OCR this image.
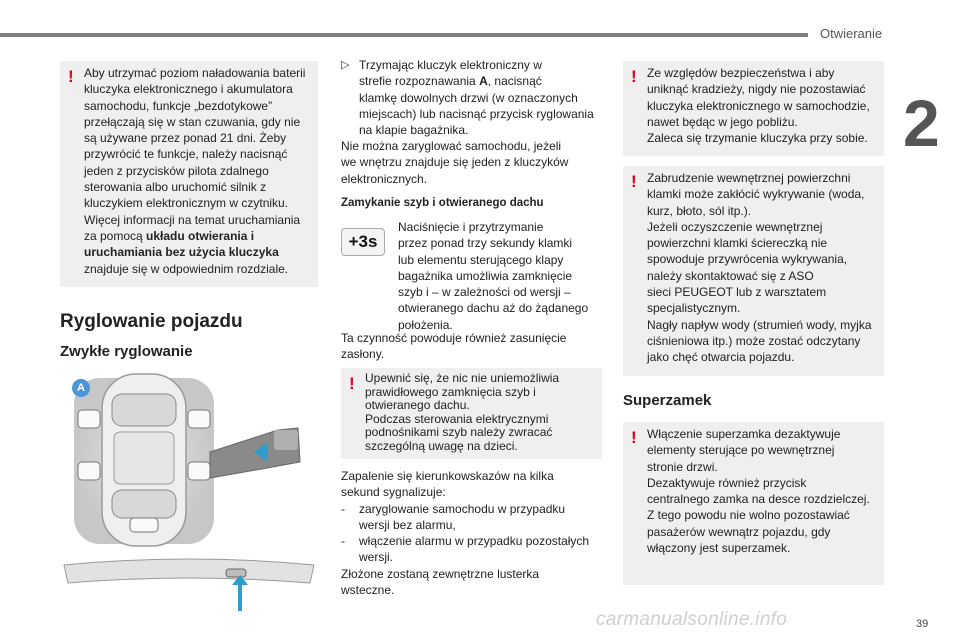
Otwieranie
2
! Aby utrzymać poziom naładowania baterii
kluczyka elektronicznego i akumulatora
samochodu, funkcje „bezdotykowe”
przełączają się w stan czuwania, gdy nie
są używane przez ponad 21 dni. Żeby
przywrócić te funkcje, należy nacisnąć
jeden z przycisków pilota zdalnego
sterowania albo uruchomić silnik z
kluczykiem elektronicznym w czytniku.
Więcej informacji na temat uruchamiania
za pomocą układu otwierania i
uruchamiania bez użycia kluczyka
znajduje się w odpowiednim rozdziale.
Ryglowanie pojazdu
Zwykłe ryglowanie
A
▷ Trzymając kluczyk elektroniczny w
strefie rozpoznawania A, nacisnąć
klamkę dowolnych drzwi (w oznaczonych
miejscach) lub nacisnąć przycisk ryglowania
na klapie bagażnika.
Nie można zaryglować samochodu, jeżeli
we wnętrzu znajduje się jeden z kluczyków
elektronicznych.
Zamykanie szyb i otwieranego dachu
+3s
Naciśnięcie i przytrzymanie
przez ponad trzy sekundy klamki
lub elementu sterującego klapy
bagażnika umożliwia zamknięcie
szyb i – w zależności od wersji –
otwieranego dachu aż do żądanego
położenia.
Ta czynność powoduje również zasunięcie
zasłony.
! Upewnić się, że nic nie uniemożliwia
prawidłowego zamknięcia szyb i
otwieranego dachu.
Podczas sterowania elektrycznymi
podnośnikami szyb należy zwracać
szczególną uwagę na dzieci.
Zapalenie się kierunkowskazów na kilka
sekund sygnalizuje:
- zaryglowanie samochodu w przypadku
wersji bez alarmu,
- włączenie alarmu w przypadku pozostałych
wersji.
Złożone zostaną zewnętrzne lusterka
wsteczne.
! Ze względów bezpieczeństwa i aby
uniknąć kradzieży, nigdy nie pozostawiać
kluczyka elektronicznego w samochodzie,
nawet będąc w jego pobliżu.
Zaleca się trzymanie kluczyka przy sobie.
! Zabrudzenie wewnętrznej powierzchni
klamki może zakłócić wykrywanie (woda,
kurz, błoto, sól itp.).
Jeżeli oczyszczenie wewnętrznej
powierzchni klamki ściereczką nie
spowoduje przywrócenia wykrywania,
należy skontaktować się z ASO
sieci PEUGEOT lub z warsztatem
specjalistycznym.
Nagły napływ wody (strumień wody, myjka
ciśnieniowa itp.) może zostać odczytany
jako chęć otwarcia pojazdu.
Superzamek
! Włączenie superzamka dezaktywuje
elementy sterujące po wewnętrznej
stronie drzwi.
Dezaktywuje również przycisk
centralnego zamka na desce rozdzielczej.
Z tego powodu nie wolno pozostawiać
pasażerów wewnątrz pojazdu, gdy
włączony jest superzamek.
carmanualsonline.info	39
